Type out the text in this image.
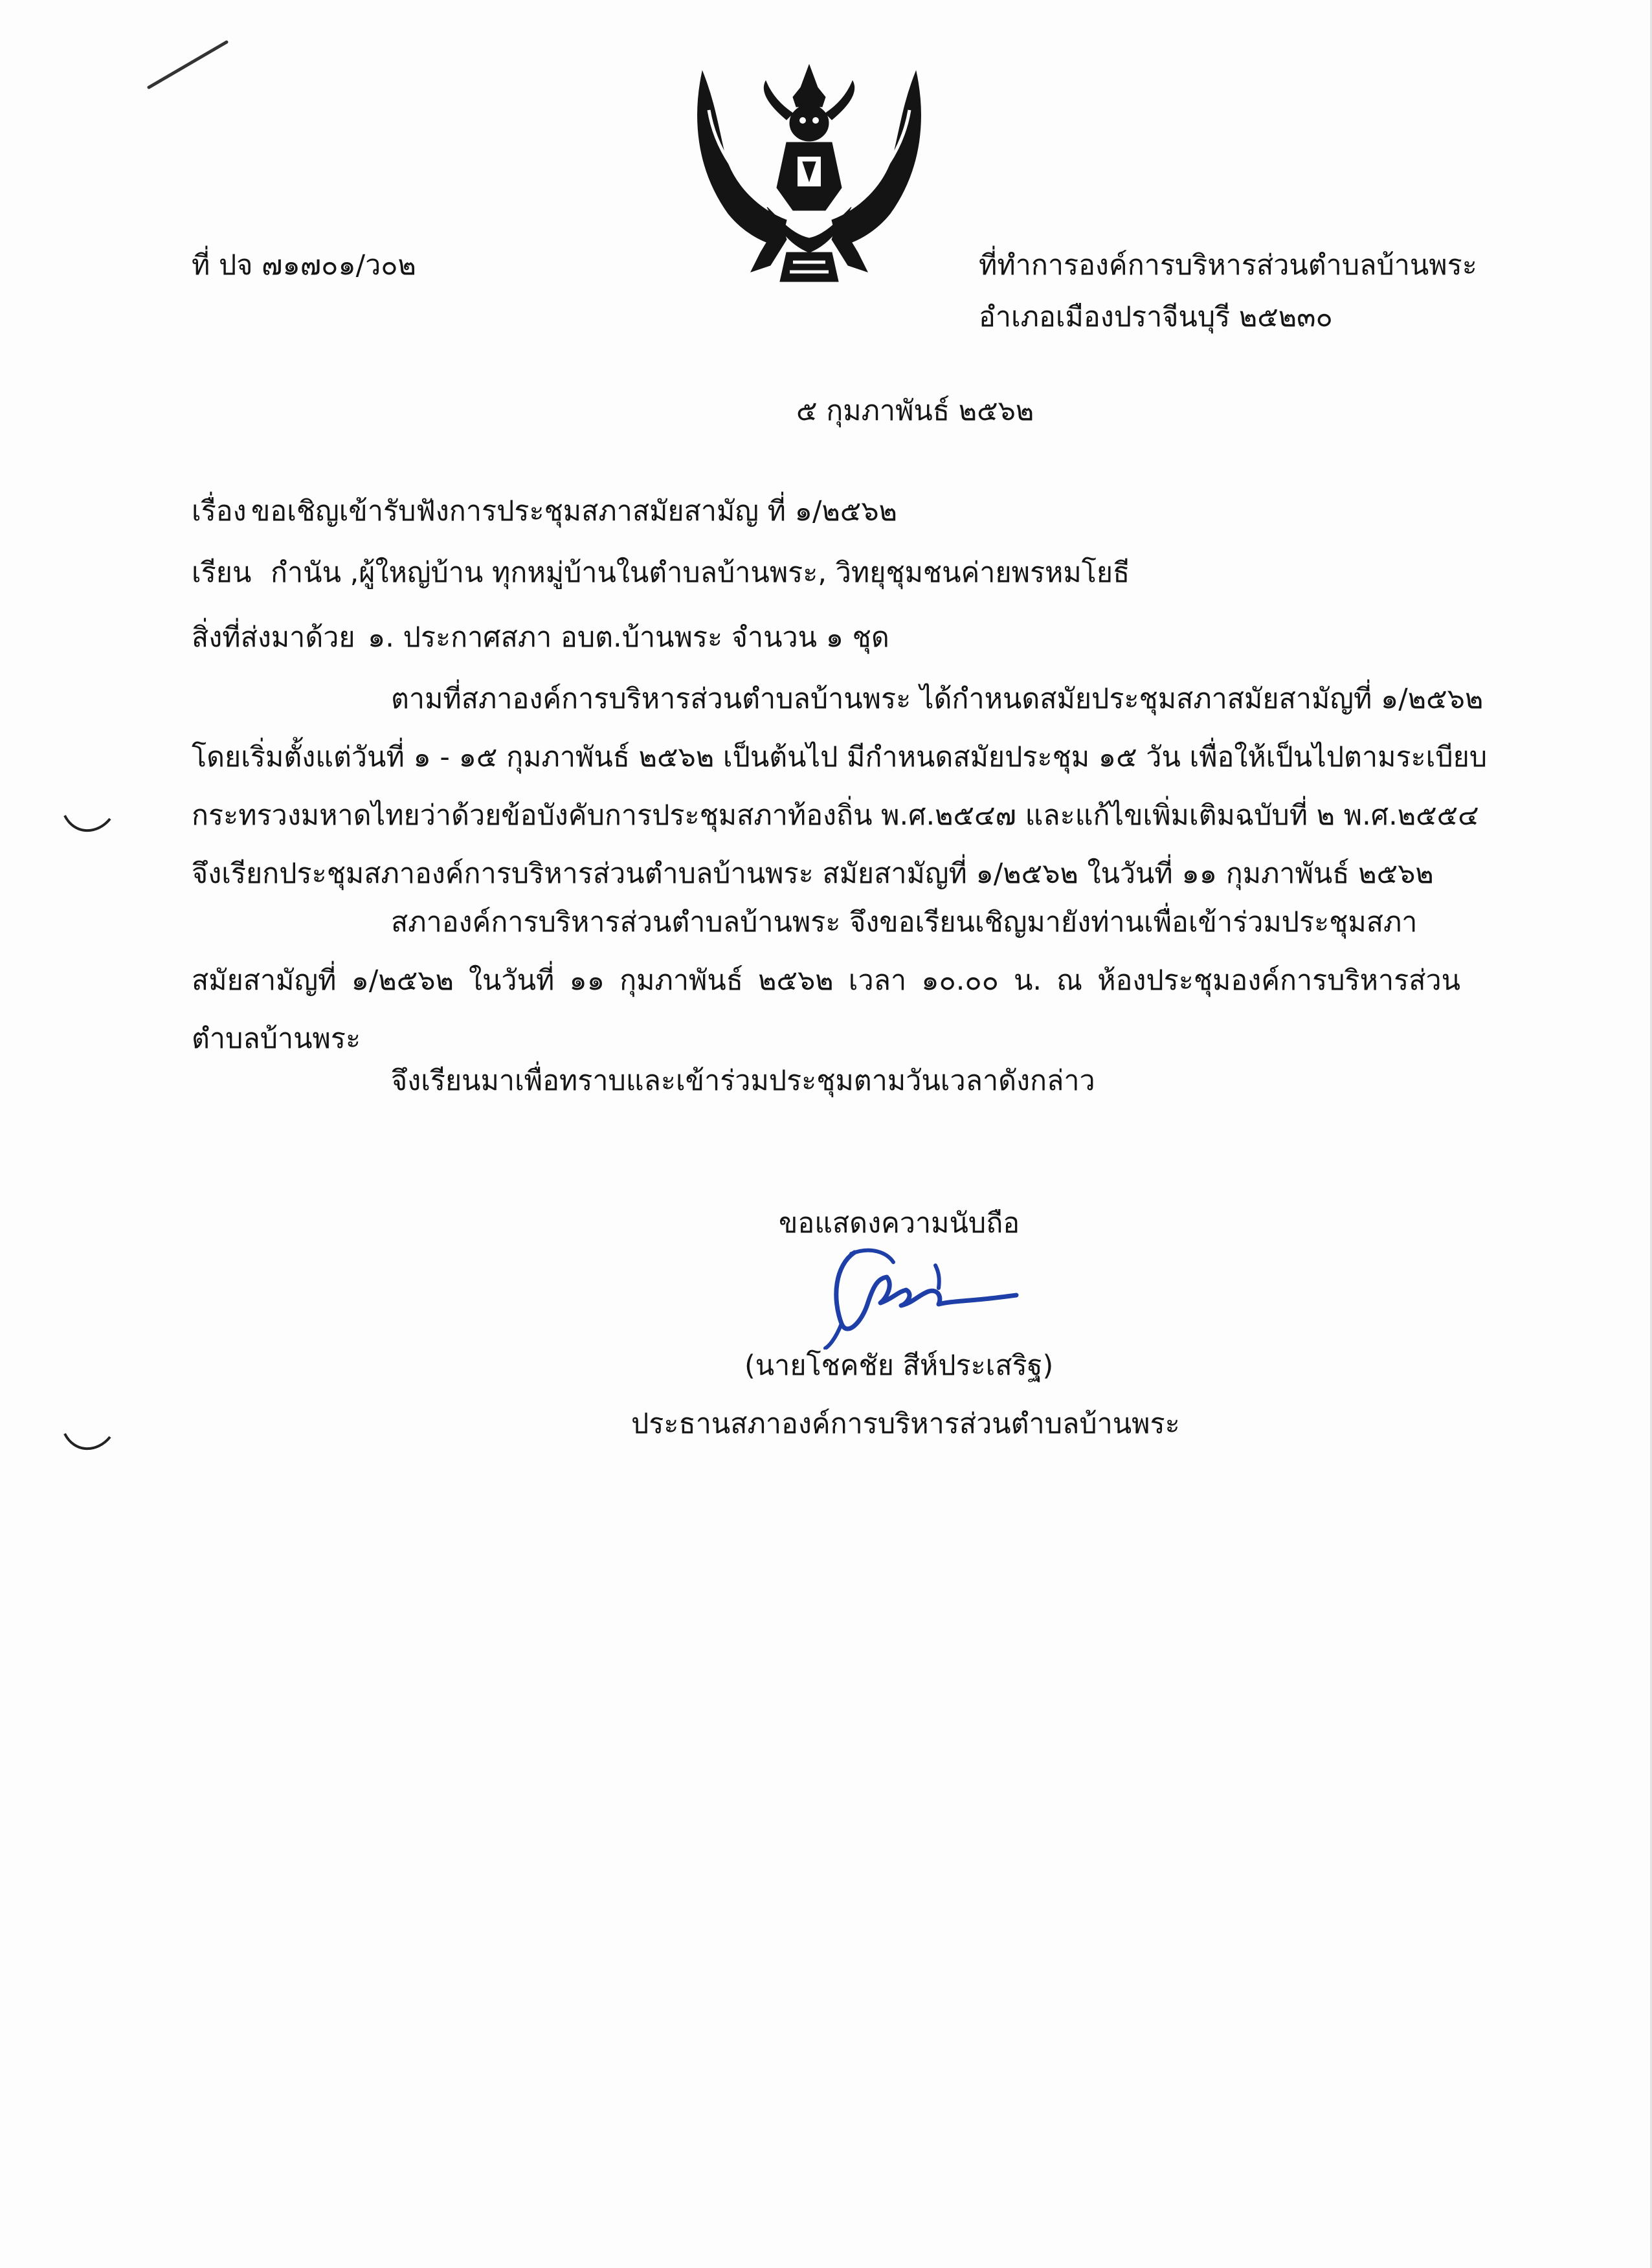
ที่ ปจ ๗๑๗๐๑/ว๐๒	ที่ทำการองค์การบริหารส่วนตำบลบ้านพระ
อำเภอเมืองปราจีนบุรี ๒๕๒๓๐
๕ กุมภาพันธ์ ๒๕๖๒
เรื่อง ขอเชิญเข้ารับฟังการประชุมสภาสมัยสามัญ ที่ ๑/๒๕๖๒
เรียน กำนัน ,ผู้ใหญ่บ้าน ทุกหมู่บ้านในตำบลบ้านพระ, วิทยุชุมชนค่ายพรหมโยธี
สิ่งที่ส่งมาด้วย ๑. ประกาศสภา อบต.บ้านพระ จำนวน ๑ ชุด
ตามที่สภาองค์การบริหารส่วนตำบลบ้านพระ ได้กำหนดสมัยประชุมสภาสมัยสามัญที่ ๑/๒๕๖๒
โดยเริ่มตั้งแต่วันที่ ๑ - ๑๕ กุมภาพันธ์ ๒๕๖๒ เป็นต้นไป มีกำหนดสมัยประชุม ๑๕ วัน เพื่อให้เป็นไปตามระเบียบ
กระทรวงมหาดไทยว่าด้วยข้อบังคับการประชุมสภาท้องถิ่น พ.ศ.๒๕๔๗ และแก้ไขเพิ่มเติมฉบับที่ ๒ พ.ศ.๒๕๕๔
จึงเรียกประชุมสภาองค์การบริหารส่วนตำบลบ้านพระ สมัยสามัญที่ ๑/๒๕๖๒ ในวันที่ ๑๑ กุมภาพันธ์ ๒๕๖๒
สภาองค์การบริหารส่วนตำบลบ้านพระ จึงขอเรียนเชิญมายังท่านเพื่อเข้าร่วมประชุมสภา
สมัยสามัญที่ ๑/๒๕๖๒ ในวันที่ ๑๑ กุมภาพันธ์ ๒๕๖๒ เวลา ๑๐.๐๐ น. ณ ห้องประชุมองค์การบริหารส่วน
ตำบลบ้านพระ
จึงเรียนมาเพื่อทราบและเข้าร่วมประชุมตามวันเวลาดังกล่าว
ขอแสดงความนับถือ
(นายโชคชัย สีห์ประเสริฐ)
ประธานสภาองค์การบริหารส่วนตำบลบ้านพระ
